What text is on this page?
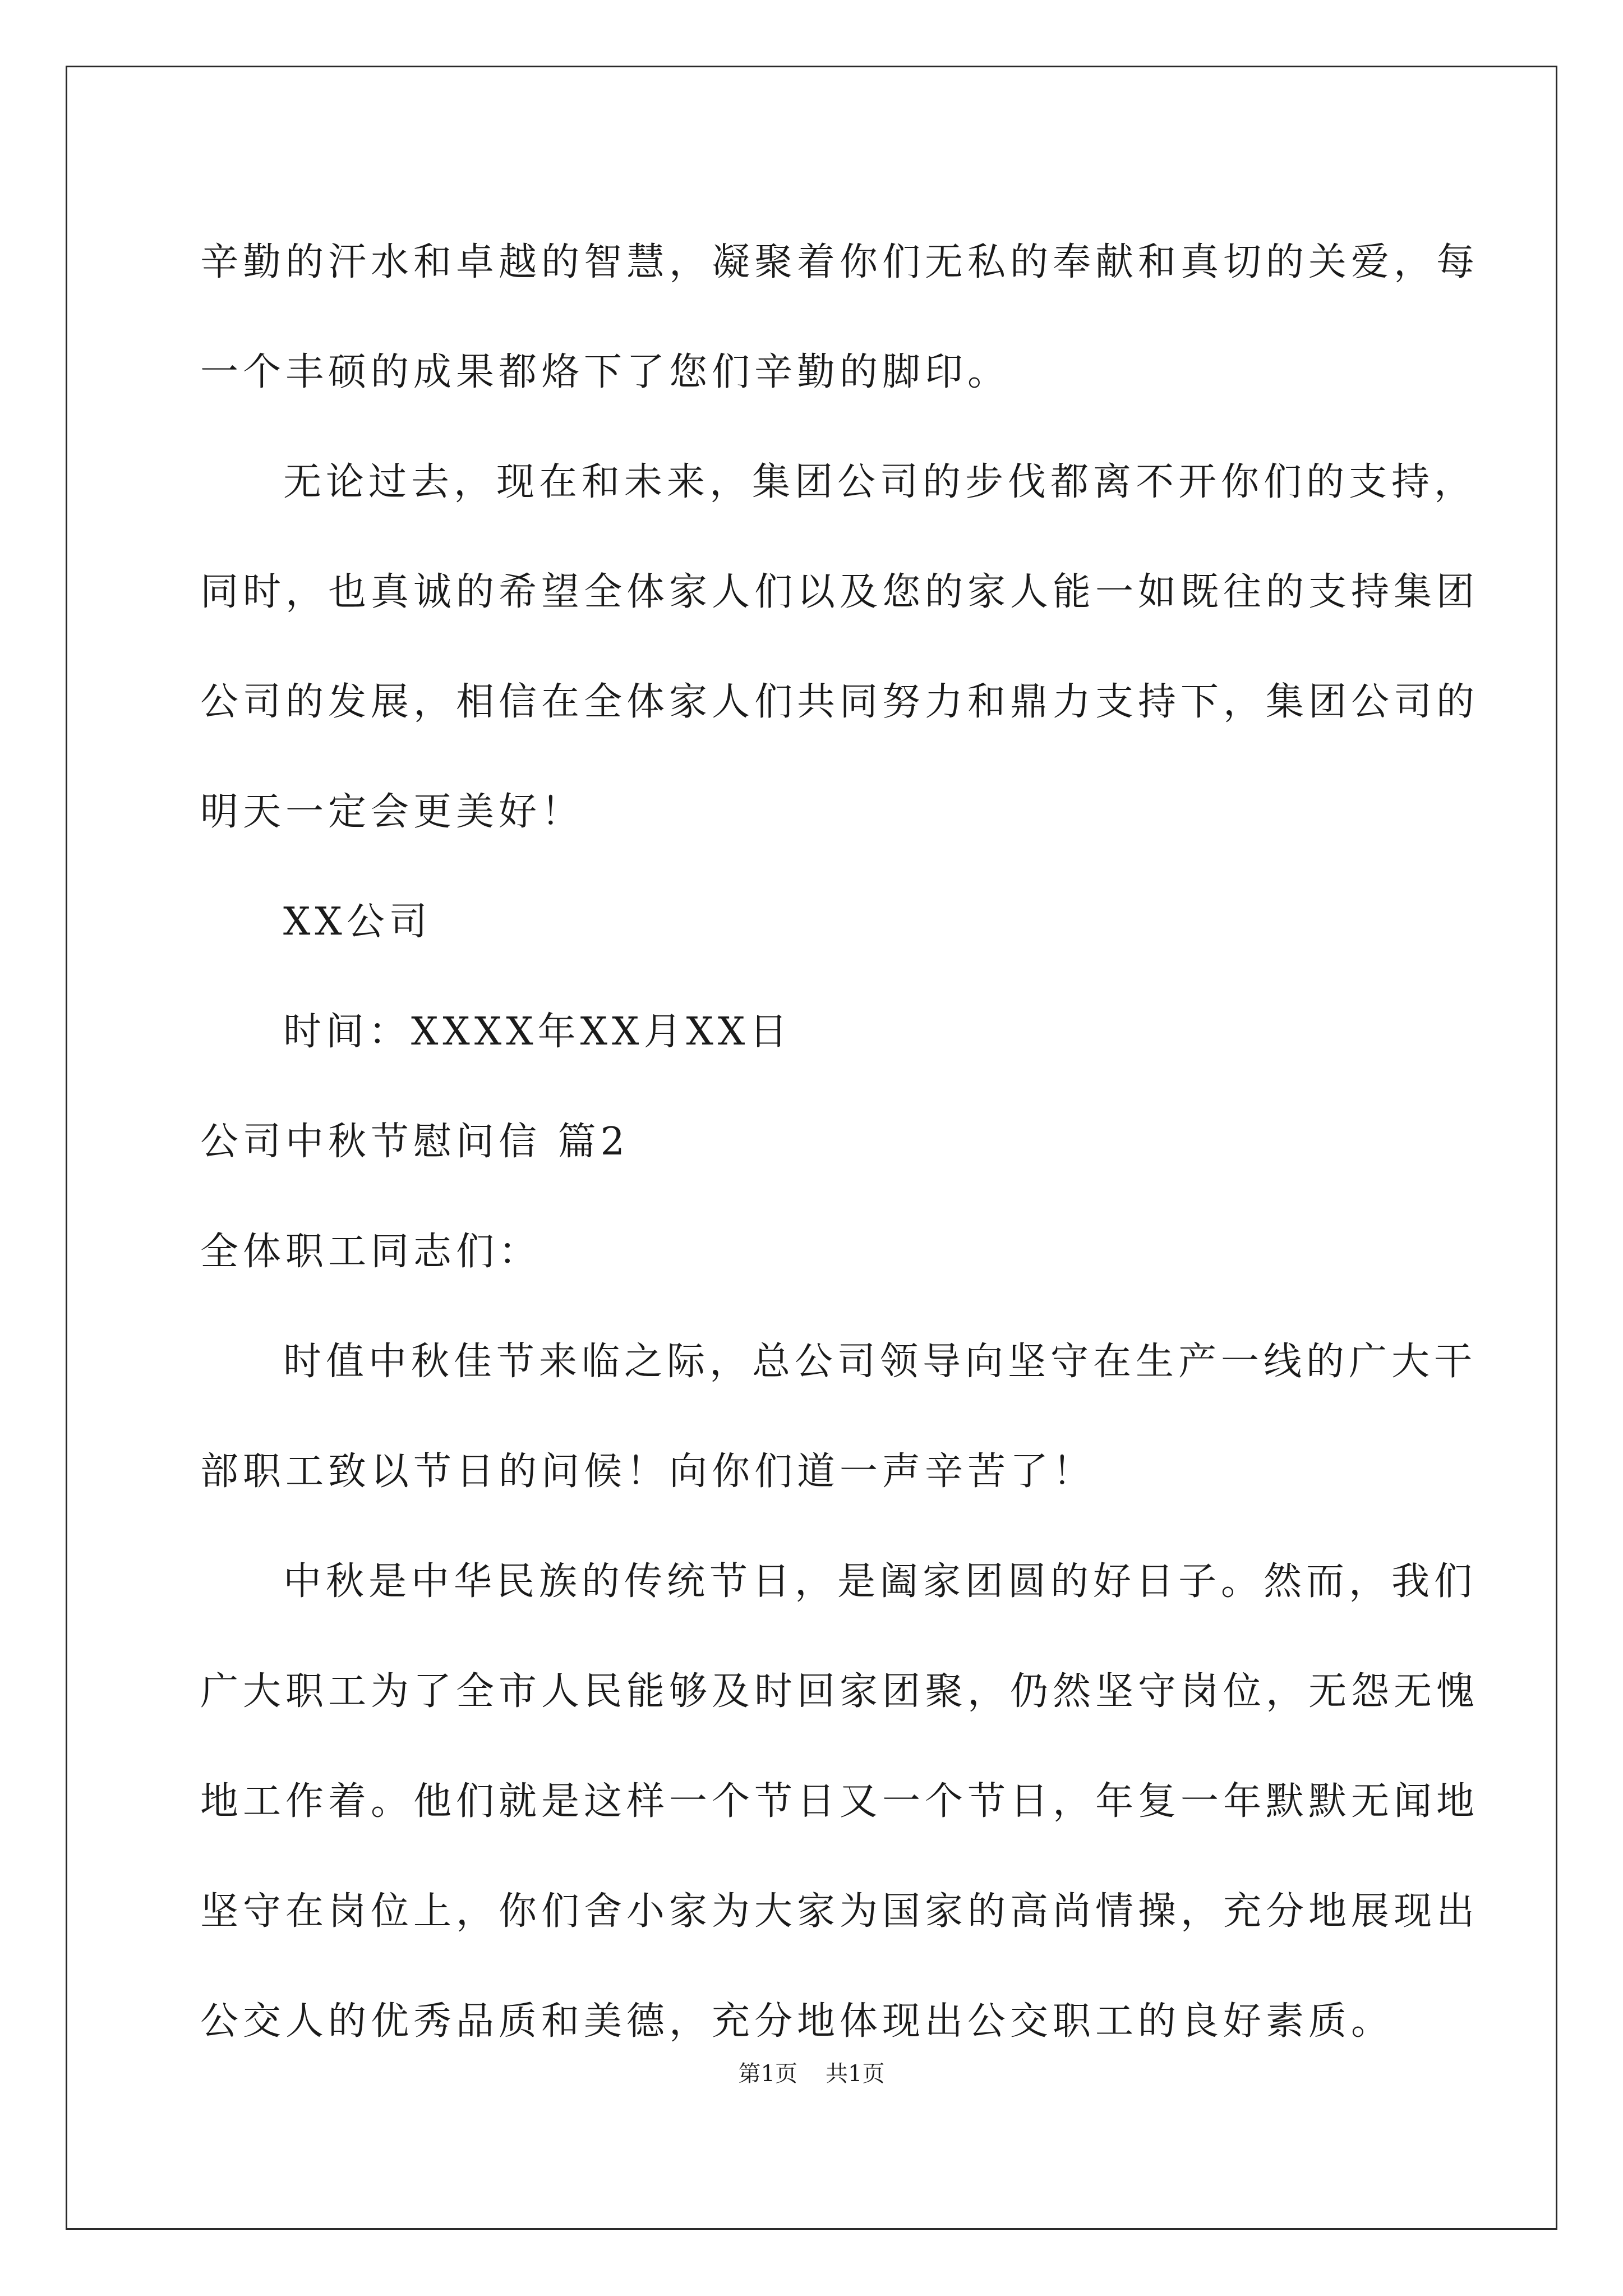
辛勤的汗水和卓越的智慧，凝聚着你们无私的奉献和真切的关爱，每

一个丰硕的成果都烙下了您们辛勤的脚印。

无论过去，现在和未来，集团公司的步伐都离不开你们的支持，

同时，也真诚的希望全体家人们以及您的家人能一如既往的支持集团

公司的发展，相信在全体家人们共同努力和鼎力支持下，集团公司的

明天一定会更美好！

XX公司

时间：XXXX年XX月XX日

公司中秋节慰问信 篇2

全体职工同志们：

时值中秋佳节来临之际，总公司领导向坚守在生产一线的广大干

部职工致以节日的问候！向你们道一声辛苦了！

中秋是中华民族的传统节日，是阖家团圆的好日子。然而，我们

广大职工为了全市人民能够及时回家团聚，仍然坚守岗位，无怨无愧

地工作着。他们就是这样一个节日又一个节日，年复一年默默无闻地

坚守在岗位上，你们舍小家为大家为国家的高尚情操，充分地展现出

公交人的优秀品质和美德，充分地体现出公交职工的良好素质。

第1页 共1页
